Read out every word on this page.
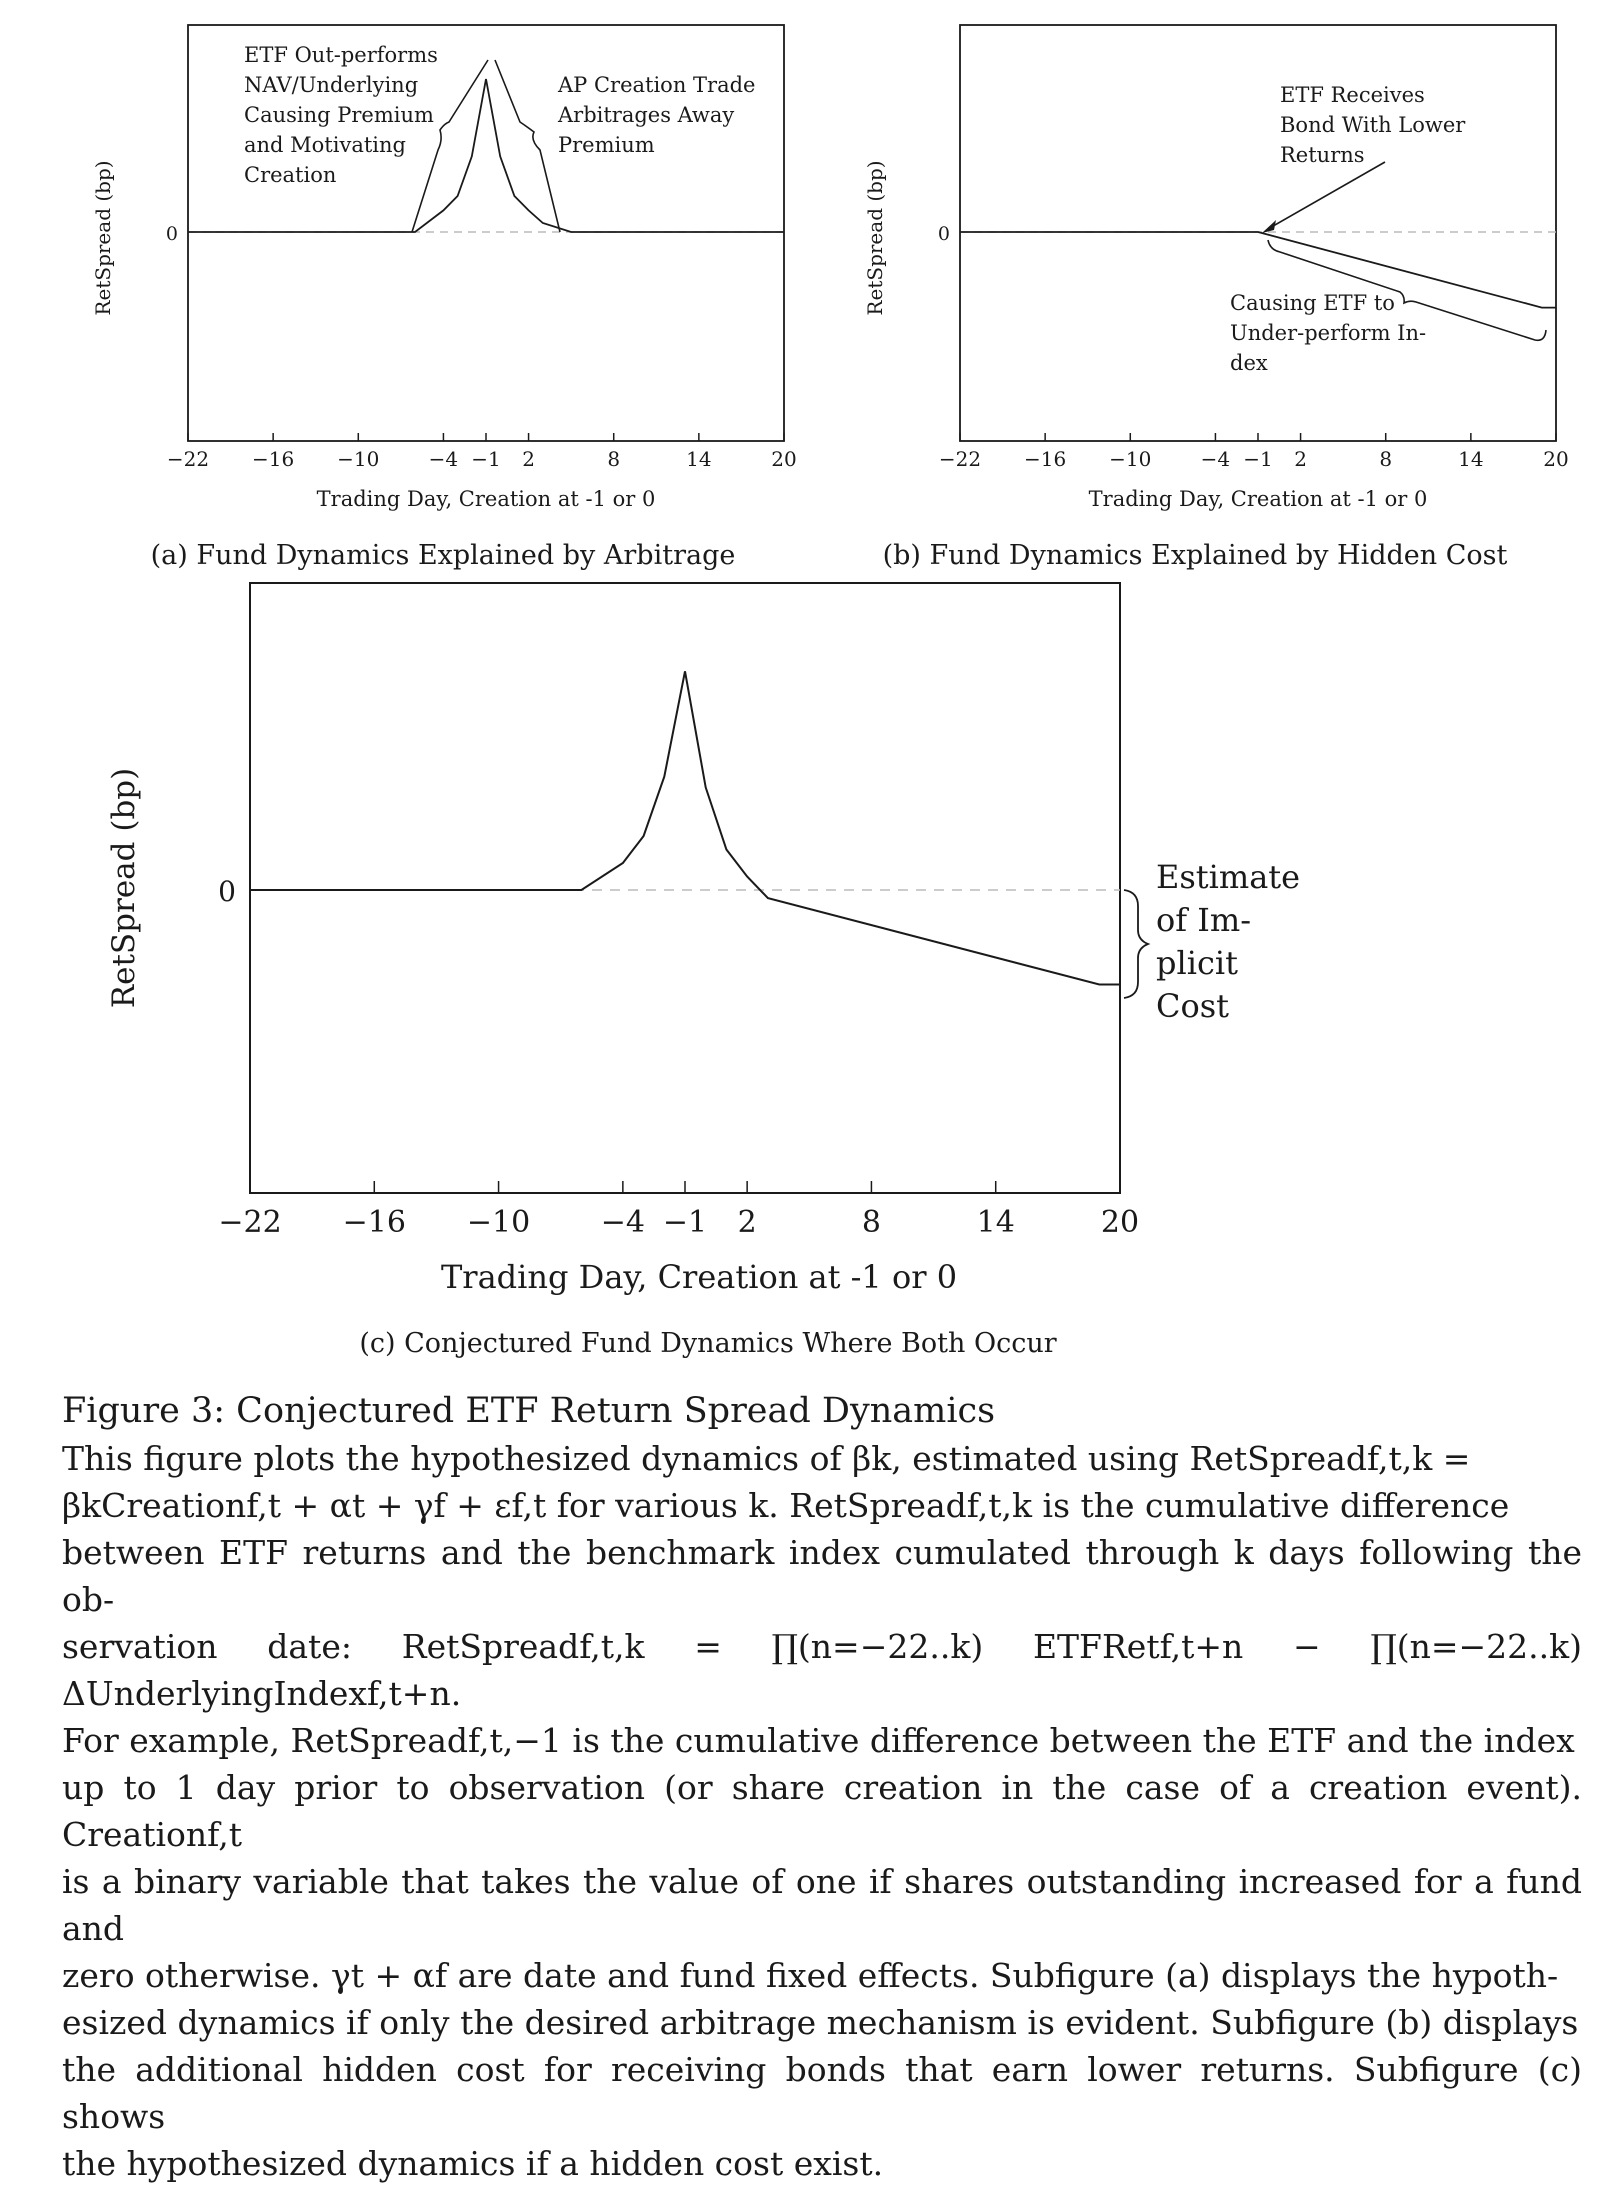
0
RetSpread (bp)
−22 −16 −10 −4 −1 2	8	14	20
Trading Day, Creation at -1 or 0
(a) Fund Dynamics Explained by Arbitrage
ETF Out-performs NAV/Underlying Causing Premium and Motivating Creation
AP Creation Trade Arbitrages Away Premium
0
RetSpread (bp)
−22 −16 −10 −4 −1 2	8	14	20
Trading Day, Creation at -1 or 0
(b) Fund Dynamics Explained by Hidden Cost
ETF Receives Bond With Lower Returns
Causing ETF to Under-perform In- dex
0
RetSpread (bp)
−22 −16 −10 −4 −1 2	8	14	20
Trading Day, Creation at -1 or 0
(c) Conjectured Fund Dynamics Where Both Occur
Estimate of Im- plicit Cost

Figure 3: Conjectured ETF Return Spread Dynamics

This figure plots the hypothesized dynamics of βk, estimated using RetSpreadf,t,k =

βkCreationf,t + αt + γf + εf,t for various k. RetSpreadf,t,k is the cumulative difference

between ETF returns and the benchmark index cumulated through k days following the ob-

servation date: RetSpreadf,t,k = ∏(n=−22..k) ETFRetf,t+n − ∏(n=−22..k) ΔUnderlyingIndexf,t+n.

For example, RetSpreadf,t,−1 is the cumulative difference between the ETF and the index

up to 1 day prior to observation (or share creation in the case of a creation event). Creationf,t

is a binary variable that takes the value of one if shares outstanding increased for a fund and

zero otherwise. γt + αf are date and fund fixed effects. Subfigure (a) displays the hypoth-

esized dynamics if only the desired arbitrage mechanism is evident. Subfigure (b) displays

the additional hidden cost for receiving bonds that earn lower returns. Subfigure (c) shows

the hypothesized dynamics if a hidden cost exist.
